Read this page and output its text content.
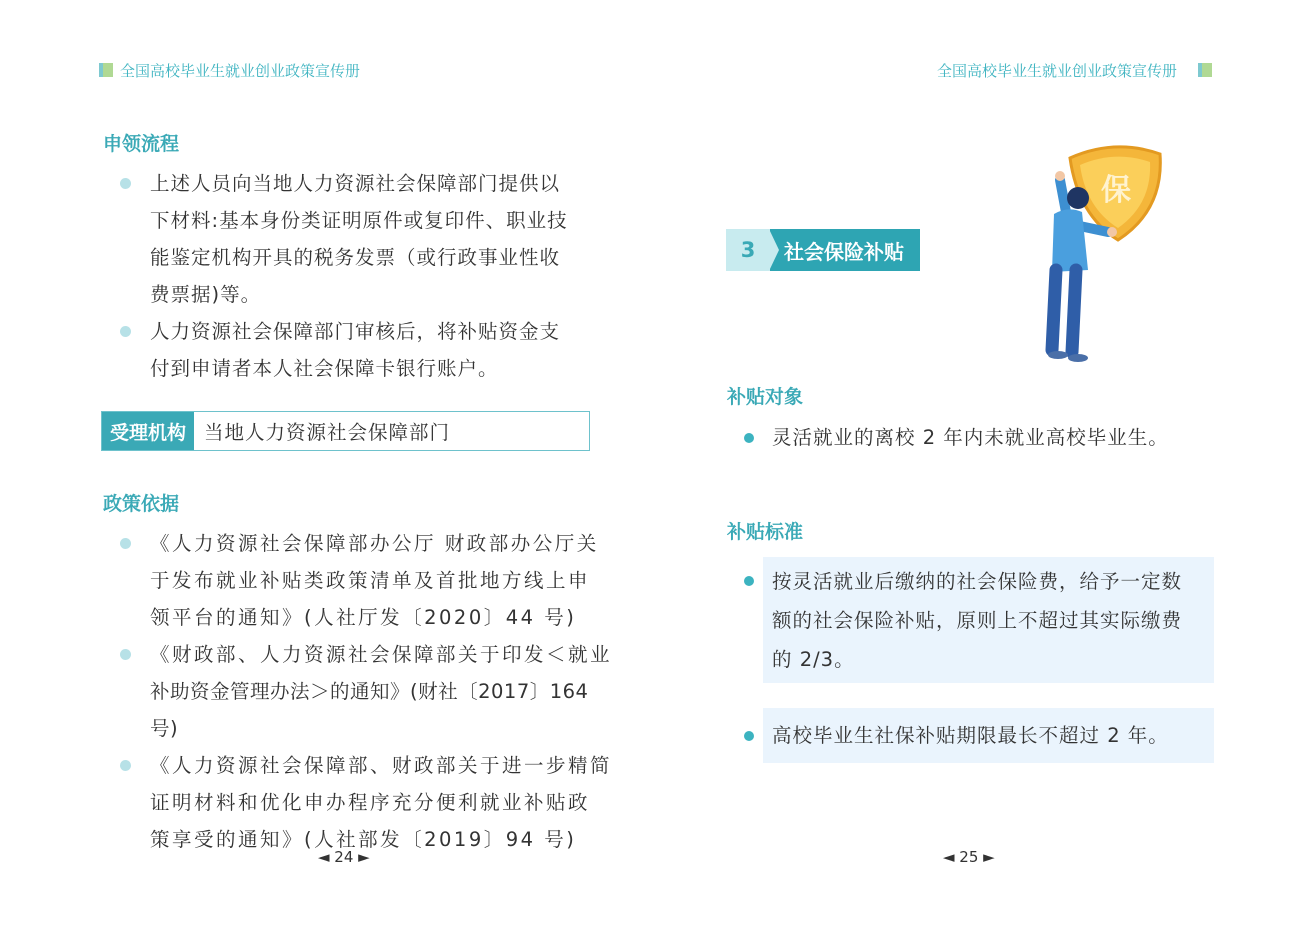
全国高校毕业生就业创业政策宣传册	全国高校毕业生就业创业政策宣传册
申领流程
上述人员向当地人力资源社会保障部门提供以
下材料:基本身份类证明原件或复印件、职业技
能鉴定机构开具的税务发票（或行政事业性收
费票据)等。
人力资源社会保障部门审核后，将补贴资金支
付到申请者本人社会保障卡银行账户。
受理机构 当地人力资源社会保障部门
政策依据
《人力资源社会保障部办公厅 财政部办公厅关
于发布就业补贴类政策清单及首批地方线上申
领平台的通知》(人社厅发〔2020〕44 号)
《财政部、人力资源社会保障部关于印发＜就业
补助资金管理办法＞的通知》(财社〔2017〕164号)
《人力资源社会保障部、财政部关于进一步精简
证明材料和优化申办程序充分便利就业补贴政
策享受的通知》(人社部发〔2019〕94 号)
◄ 24 ►
3	社会保险补贴
保
补贴对象
灵活就业的离校 2 年内未就业高校毕业生。
补贴标准
按灵活就业后缴纳的社会保险费，给予一定数
额的社会保险补贴，原则上不超过其实际缴费
的 2/3。
高校毕业生社保补贴期限最长不超过 2 年。
◄ 25 ►
